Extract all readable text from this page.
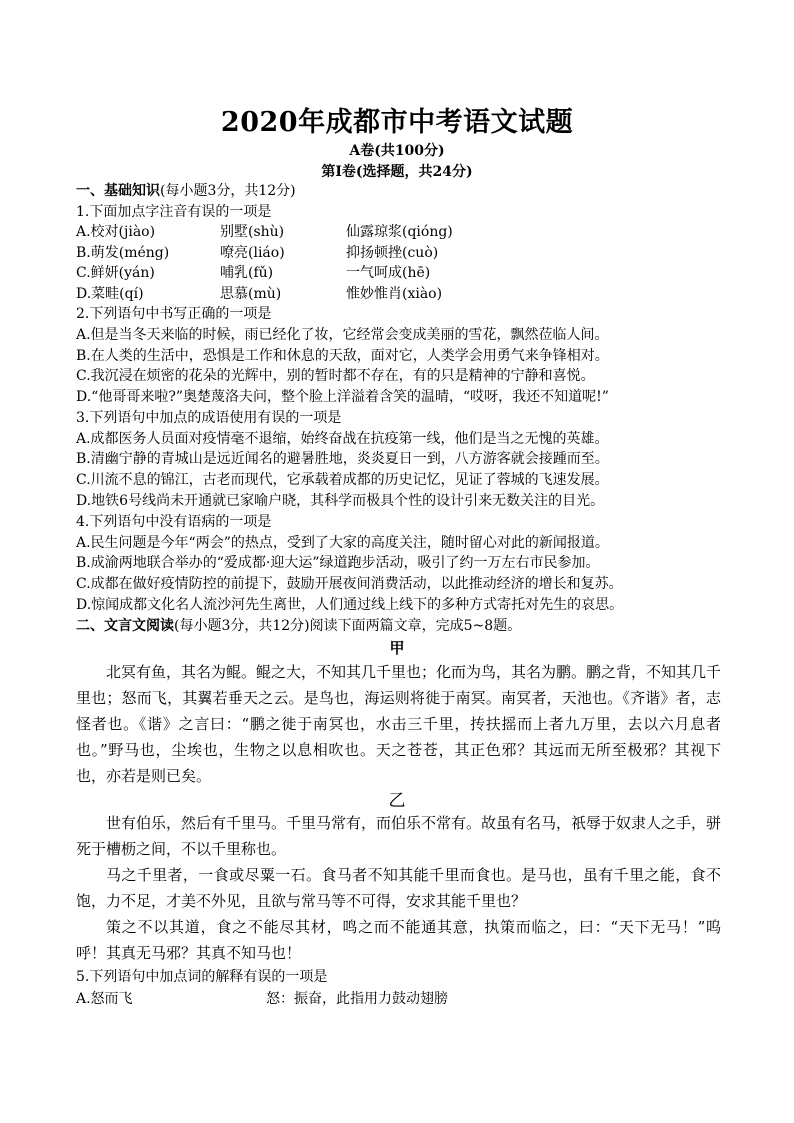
2020年成都市中考语文试题
A卷(共100分)
第Ⅰ卷(选择题，共24分)
一、基础知识(每小题3分，共12分)
1.下面加点字注音有误的一项是
A.校对(jiào)	别墅(shù)	仙露琼浆(qióng)
B.萌发(méng)	嘹亮(liáo)	抑扬顿挫(cuò)
C.鲜妍(yán)	哺乳(fǔ)	一气呵成(hē)
D.菜畦(qí)	思慕(mù)	惟妙惟肖(xiào)
2.下列语句中书写正确的一项是
A.但是当冬天来临的时候，雨已经化了妆，它经常会变成美丽的雪花，飘然莅临人间。
B.在人类的生活中，恐惧是工作和休息的天敌，面对它，人类学会用勇气来争锋相对。
C.我沉浸在烦密的花朵的光辉中，别的暂时都不存在，有的只是精神的宁静和喜悦。
D.“他哥哥来啦?”奥楚蔑洛夫问，整个脸上洋溢着含笑的温晴，“哎呀，我还不知道呢!”
3.下列语句中加点的成语使用有误的一项是
A.成都医务人员面对疫情毫不退缩，始终奋战在抗疫第一线，他们是当之无愧的英雄。
B.清幽宁静的青城山是远近闻名的避暑胜地，炎炎夏日一到，八方游客就会接踵而至。
C.川流不息的锦江，古老而现代，它承载着成都的历史记忆，见证了蓉城的飞速发展。
D.地铁6号线尚未开通就已家喻户晓，其科学而极具个性的设计引来无数关注的目光。
4.下列语句中没有语病的一项是
A.民生问题是今年“两会”的热点，受到了大家的高度关注，随时留心对此的新闻报道。
B.成渝两地联合举办的“爱成都·迎大运”绿道跑步活动，吸引了约一万左右市民参加。
C.成都在做好疫情防控的前提下，鼓励开展夜间消费活动，以此推动经济的增长和复苏。
D.惊闻成都文化名人流沙河先生离世，人们通过线上线下的多种方式寄托对先生的哀思。
二、文言文阅读(每小题3分，共12分)阅读下面两篇文章，完成5~8题。
甲

北冥有鱼，其名为鲲。鲲之大，不知其几千里也；化而为鸟，其名为鹏。鹏之背，不知其几千里也；怒而飞，其翼若垂天之云。是鸟也，海运则将徙于南冥。南冥者，天池也。《齐谐》者，志怪者也。《谐》之言曰：“鹏之徙于南冥也，水击三千里，抟扶摇而上者九万里，去以六月息者也。”野马也，尘埃也，生物之以息相吹也。天之苍苍，其正色邪？其远而无所至极邪？其视下也，亦若是则已矣。

乙

世有伯乐，然后有千里马。千里马常有，而伯乐不常有。故虽有名马，祇辱于奴隶人之手，骈死于槽枥之间，不以千里称也。

马之千里者，一食或尽粟一石。食马者不知其能千里而食也。是马也，虽有千里之能，食不饱，力不足，才美不外见，且欲与常马等不可得，安求其能千里也？

策之不以其道，食之不能尽其材，鸣之而不能通其意，执策而临之，曰：“天下无马！”呜呼！其真无马邪？其真不知马也！

5.下列语句中加点词的解释有误的一项是
A.怒而飞	怒：振奋，此指用力鼓动翅膀
